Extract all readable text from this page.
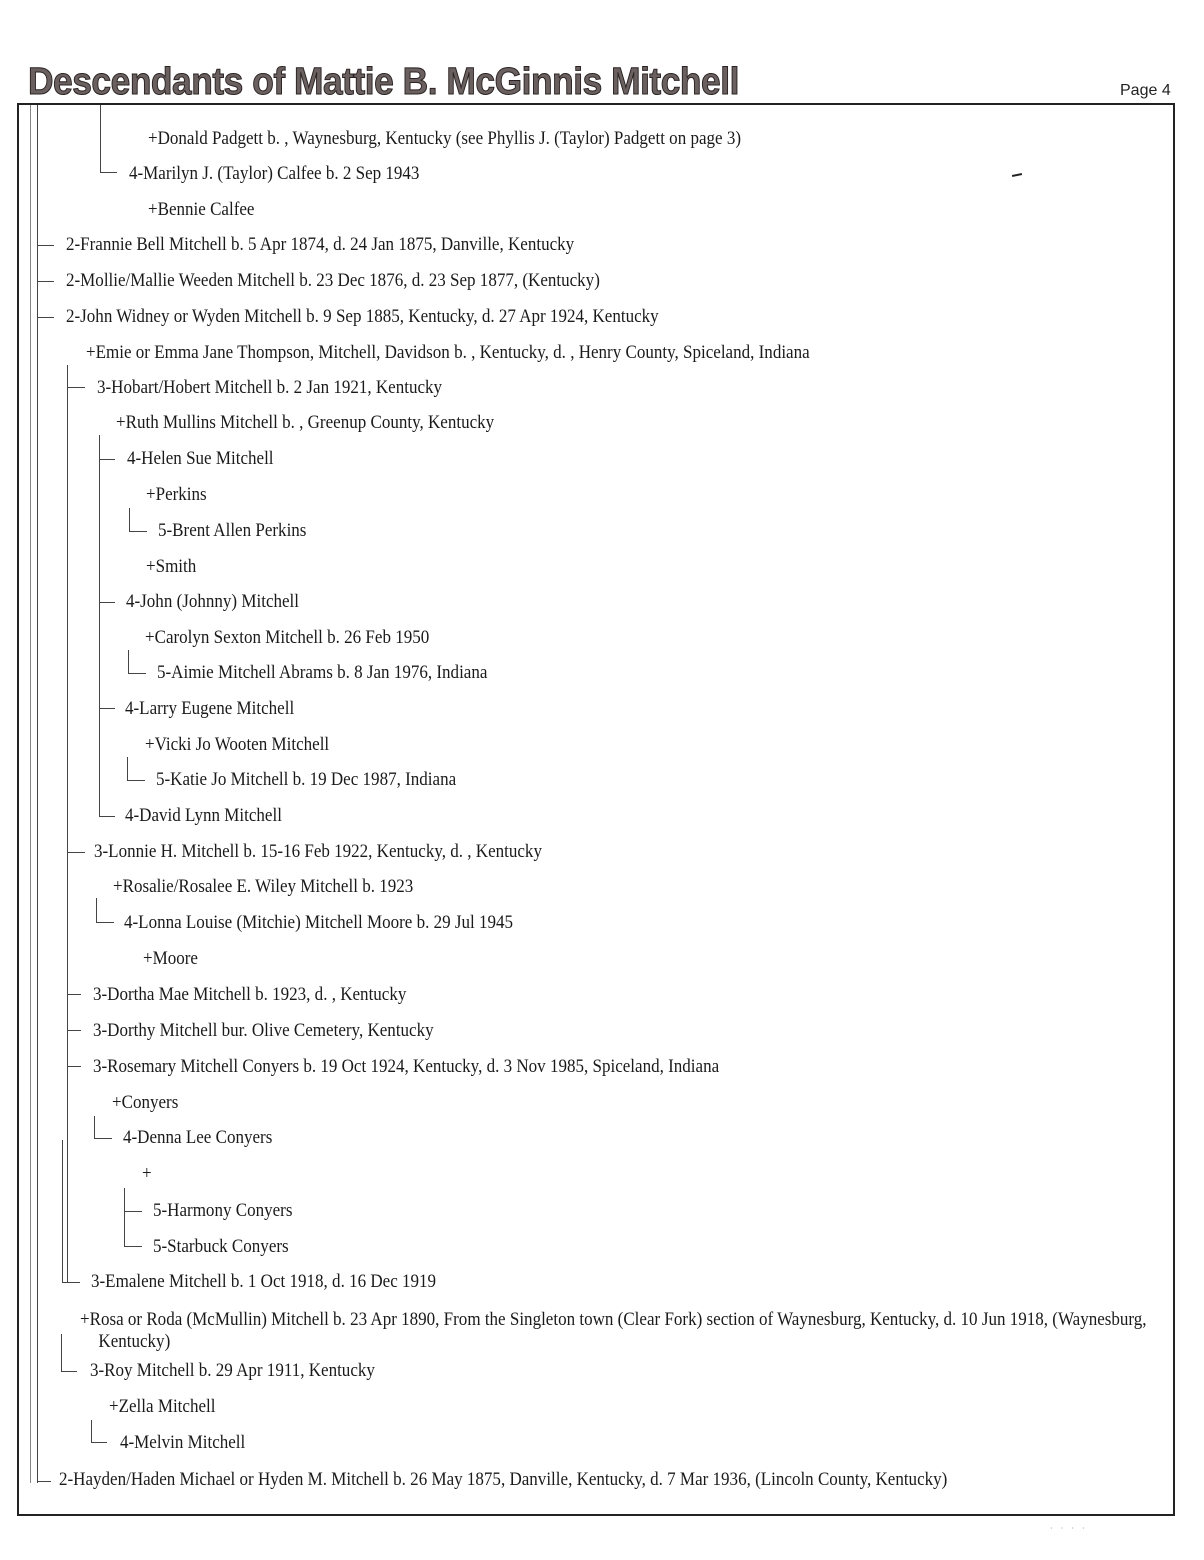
Descendants of Mattie B. McGinnis Mitchell	Page 4
+Donald Padgett b. , Waynesburg, Kentucky (see Phyllis J. (Taylor) Padgett on page 3)
4-Marilyn J. (Taylor) Calfee b. 2 Sep 1943
+Bennie Calfee
2-Frannie Bell Mitchell b. 5 Apr 1874, d. 24 Jan 1875, Danville, Kentucky
2-Mollie/Mallie Weeden Mitchell b. 23 Dec 1876, d. 23 Sep 1877, (Kentucky)
2-John Widney or Wyden Mitchell b. 9 Sep 1885, Kentucky, d. 27 Apr 1924, Kentucky
+Emie or Emma Jane Thompson, Mitchell, Davidson b. , Kentucky, d. , Henry County, Spiceland, Indiana
3-Hobart/Hobert Mitchell b. 2 Jan 1921, Kentucky
+Ruth Mullins Mitchell b. , Greenup County, Kentucky
4-Helen Sue Mitchell
+Perkins
5-Brent Allen Perkins
+Smith
4-John (Johnny) Mitchell
+Carolyn Sexton Mitchell b. 26 Feb 1950
5-Aimie Mitchell Abrams b. 8 Jan 1976, Indiana
4-Larry Eugene Mitchell
+Vicki Jo Wooten Mitchell
5-Katie Jo Mitchell b. 19 Dec 1987, Indiana
4-David Lynn Mitchell
3-Lonnie H. Mitchell b. 15-16 Feb 1922, Kentucky, d. , Kentucky
+Rosalie/Rosalee E. Wiley Mitchell b. 1923
4-Lonna Louise (Mitchie) Mitchell Moore b. 29 Jul 1945
+Moore
3-Dortha Mae Mitchell b. 1923, d. , Kentucky
3-Dorthy Mitchell bur. Olive Cemetery, Kentucky
3-Rosemary Mitchell Conyers b. 19 Oct 1924, Kentucky, d. 3 Nov 1985, Spiceland, Indiana
+Conyers
4-Denna Lee Conyers
+
5-Harmony Conyers
5-Starbuck Conyers
3-Emalene Mitchell b. 1 Oct 1918, d. 16 Dec 1919
+Rosa or Roda (McMullin) Mitchell b. 23 Apr 1890, From the Singleton town (Clear Fork) section of Waynesburg, Kentucky, d. 10 Jun 1918, (Waynesburg, Kentucky)
3-Roy Mitchell b. 29 Apr 1911, Kentucky
+Zella Mitchell
4-Melvin Mitchell
2-Hayden/Haden Michael or Hyden M. Mitchell b. 26 May 1875, Danville, Kentucky, d. 7 Mar 1936, (Lincoln County, Kentucky)
· · · ·
